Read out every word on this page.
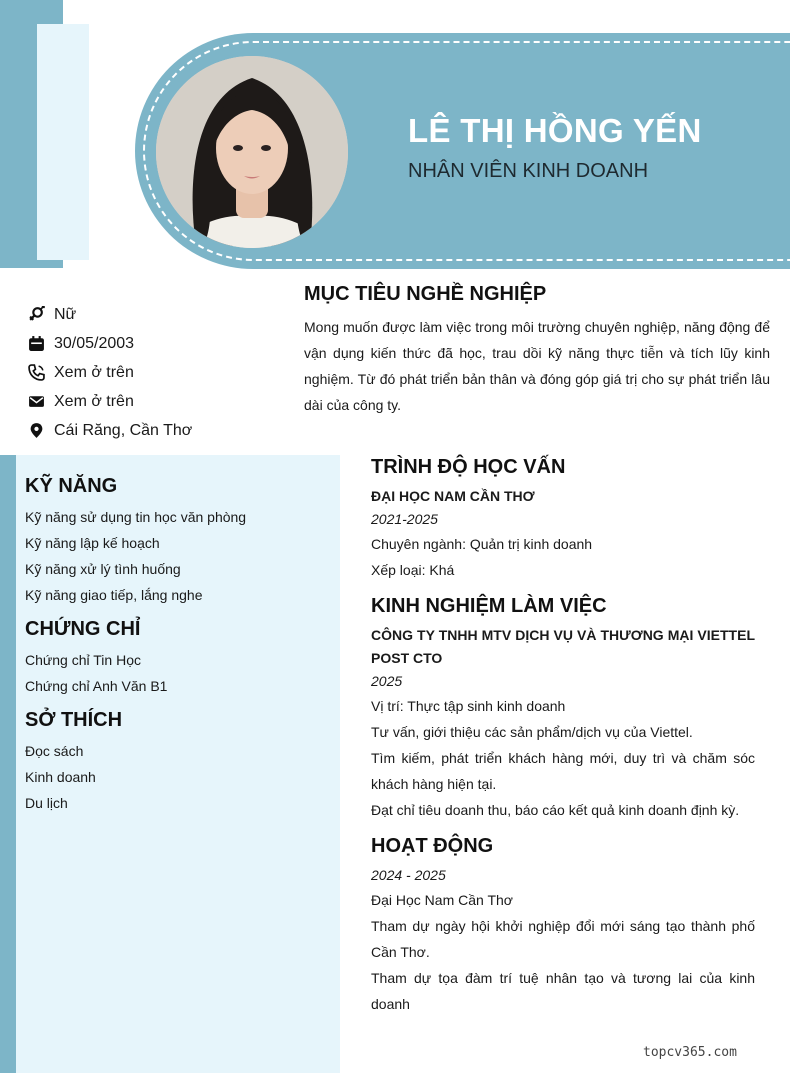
LÊ THỊ HỒNG YẾN
NHÂN VIÊN KINH DOANH
Nữ
30/05/2003
Xem ở trên
Xem ở trên
Cái Răng, Cần Thơ
MỤC TIÊU NGHỀ NGHIỆP

Mong muốn được làm việc trong môi trường chuyên nghiệp, năng động để vận dụng kiến thức đã học, trau dồi kỹ năng thực tiễn và tích lũy kinh nghiệm. Từ đó phát triển bản thân và đóng góp giá trị cho sự phát triển lâu dài của công ty.

KỸ NĂNG
Kỹ năng sử dụng tin học văn phòng
Kỹ năng lập kế hoạch
Kỹ năng xử lý tình huống
Kỹ năng giao tiếp, lắng nghe
CHỨNG CHỈ
Chứng chỉ Tin Học
Chứng chỉ Anh Văn B1
SỞ THÍCH
Đọc sách
Kinh doanh
Du lịch
TRÌNH ĐỘ HỌC VẤN
ĐẠI HỌC NAM CẦN THƠ
2021-2025
Chuyên ngành: Quản trị kinh doanh
Xếp loại: Khá
KINH NGHIỆM LÀM VIỆC
CÔNG TY TNHH MTV DỊCH VỤ VÀ THƯƠNG MẠI VIETTEL POST CTO
2025
Vị trí: Thực tập sinh kinh doanh
Tư vấn, giới thiệu các sản phẩm/dịch vụ của Viettel.
Tìm kiếm, phát triển khách hàng mới, duy trì và chăm sóc khách hàng hiện tại.
Đạt chỉ tiêu doanh thu, báo cáo kết quả kinh doanh định kỳ.
HOẠT ĐỘNG
2024 - 2025
Đại Học Nam Cần Thơ
Tham dự ngày hội khởi nghiệp đổi mới sáng tạo thành phố Cần Thơ.
Tham dự tọa đàm trí tuệ nhân tạo và tương lai của kinh doanh
topcv365.com
